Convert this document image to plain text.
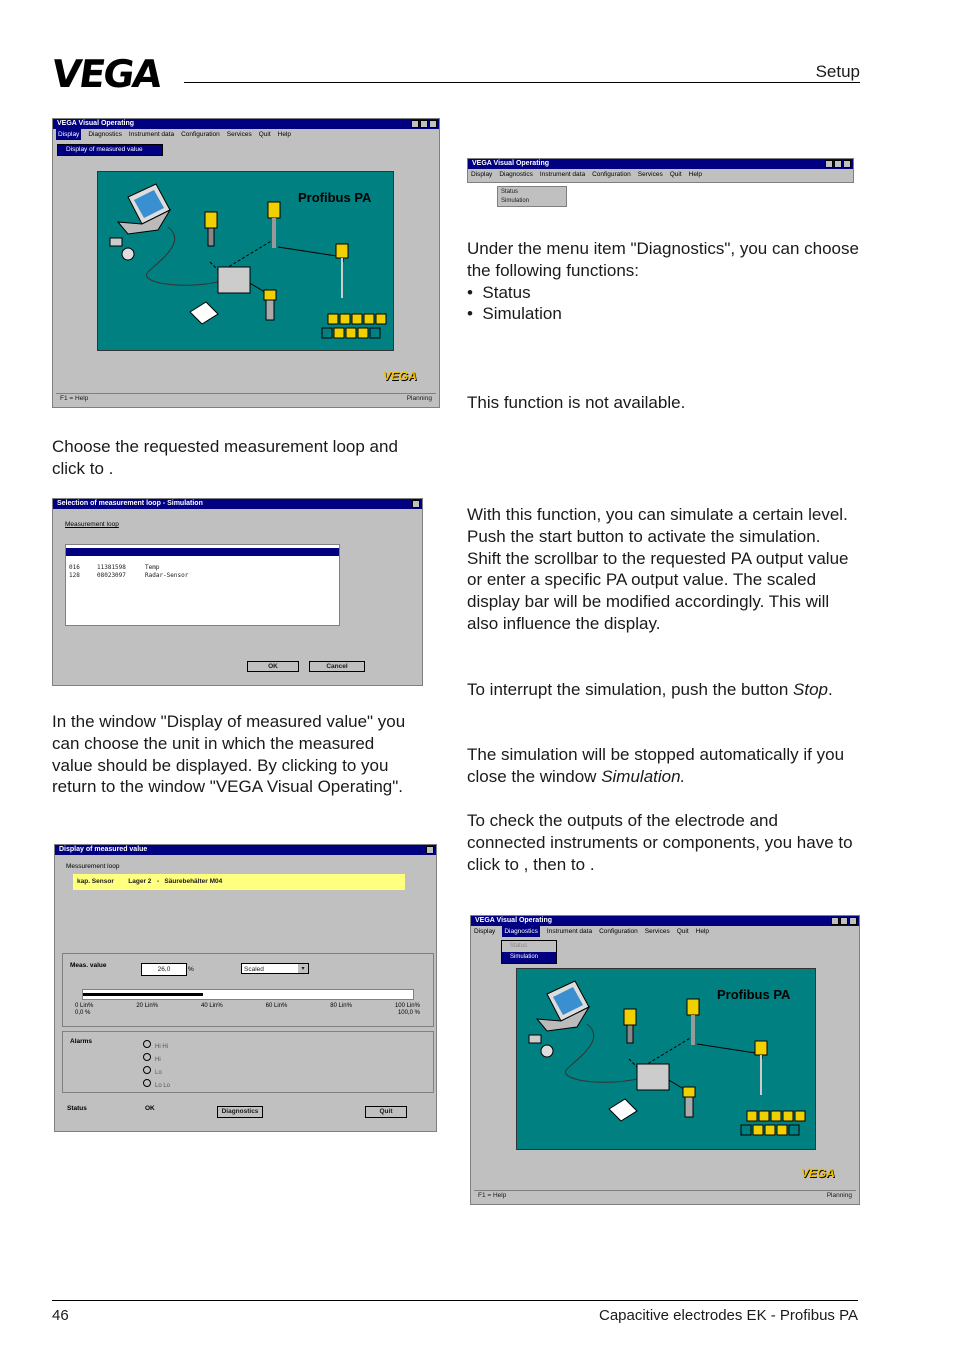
VEGA	Setup
VEGA Visual Operating
Display	Diagnostics Instrument data Configuration Services Quit Help
Display of measured value
Profibus PA
VEGA
F1 = Help	Planning
VEGA Visual Operating
Display Diagnostics Instrument data Configuration Services Quit Help
Status
Simulation
Under the menu item "Diagnostics", you can choose the following functions:
•  Status
•  Simulation
This function is not available.
With this function, you can simulate a certain level. Push the start button to activate the simulation. Shift the scrollbar to the requested PA output value or enter a specific PA output value. The scaled display bar will be modified accordingly. This will also influence the display.
To interrupt the simulation, push the button Stop.
The simulation will be stopped automatically if you close the window Simulation.
To check the outputs of the electrode and connected instruments or components, you have to click to , then to .
Choose the requested measurement loop and click to .
Selection of measurement loop - Simulation
Measurement loop
016	11381598	TRG-01
016	11381598	Temp
128	08023097	Radar-Sensor
OK	Cancel
In the window "Display of measured value" you can choose the unit in which the measured value should be displayed. By clicking to you return to the window "VEGA Visual Operating".
Display of measured value
Messurement loop
kap. Sensor        Lager 2   -   Säurebehälter M04
Meas. value
26,0	%	Scaled	▾
0 Lin%	20 Lin%	40 Lin%	60 Lin%	80 Lin%	100 Lin%
0,0 %	100,0 %
Alarms
Hi Hi
Hi
Lo
Lo Lo
Status	OK	Diagnostics	Quit
VEGA Visual Operating
Display	Diagnostics	Instrument data Configuration Services Quit Help
Status
Simulation
Profibus PA
VEGA
F1 = Help	Planning
46	Capacitive electrodes EK - Profibus PA
